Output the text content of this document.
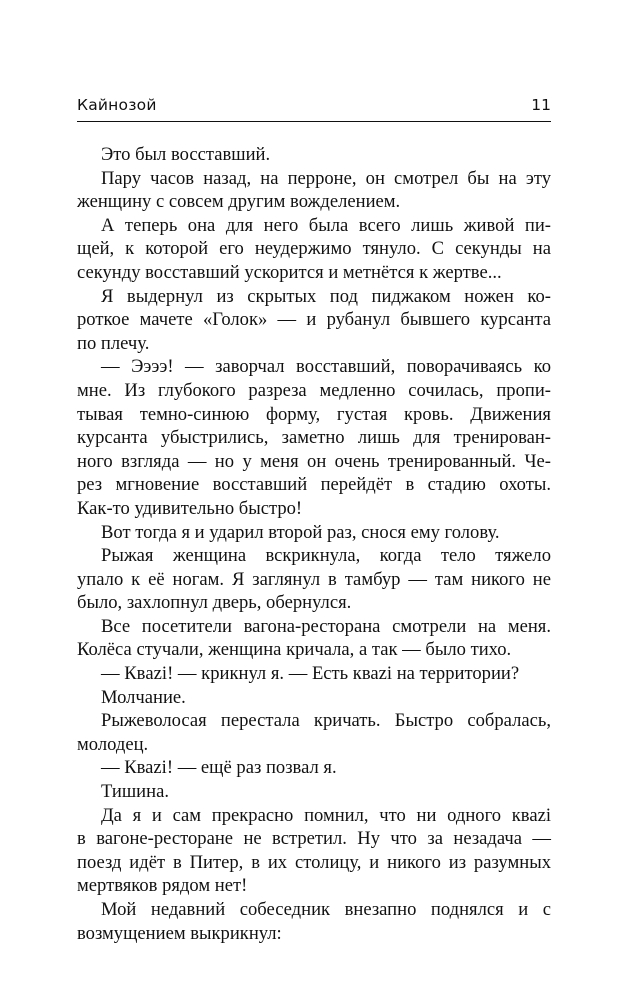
Кайнозой	11
Это был восставший.
Пару часов назад, на перроне, он смотрел бы на эту
женщину с совсем другим вожделением.
А теперь она для него была всего лишь живой пи-
щей, к которой его неудержимо тянуло. С секунды на
секунду восставший ускорится и метнётся к жертве...
Я выдернул из скрытых под пиджаком ножен ко-
роткое мачете «Голок» — и рубанул бывшего курсанта
по плечу.
— Ээээ! — заворчал восставший, поворачиваясь ко
мне. Из глубокого разреза медленно сочилась, пропи-
тывая темно-синюю форму, густая кровь. Движения
курсанта убыстрились, заметно лишь для тренирован-
ного взгляда — но у меня он очень тренированный. Че-
рез мгновение восставший перейдёт в стадию охоты.
Как-то удивительно быстро!
Вот тогда я и ударил второй раз, снося ему голову.
Рыжая женщина вскрикнула, когда тело тяжело
упало к её ногам. Я заглянул в тамбур — там никого не
было, захлопнул дверь, обернулся.
Все посетители вагона-ресторана смотрели на меня.
Колёса стучали, женщина кричала, а так — было тихо.
— Квazi! — крикнул я. — Есть кваzi на территории?
Молчание.
Рыжеволосая перестала кричать. Быстро собралась,
молодец.
— Кваzi! — ещё раз позвал я.
Тишина.
Да я и сам прекрасно помнил, что ни одного кваzi
в вагоне-ресторане не встретил. Ну что за незадача —
поезд идёт в Питер, в их столицу, и никого из разумных
мертвяков рядом нет!
Мой недавний собеседник внезапно поднялся и с
возмущением выкрикнул:
